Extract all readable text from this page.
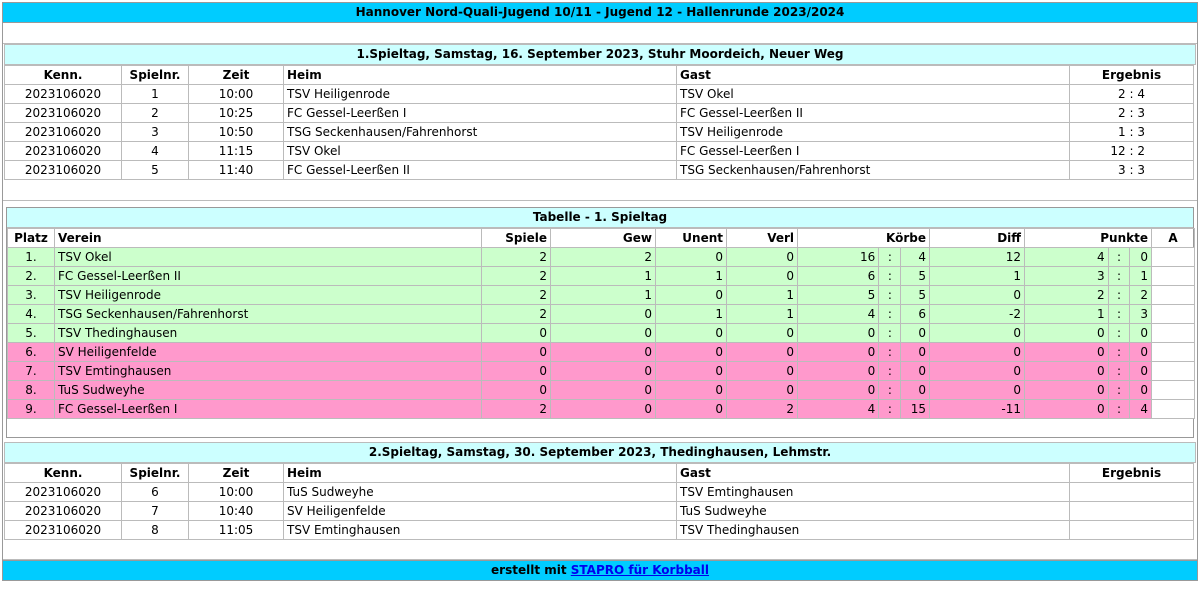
Hannover Nord-Quali-Jugend 10/11 - Jugend 12 - Hallenrunde 2023/2024
1.Spieltag, Samstag, 16. September 2023, Stuhr Moordeich, Neuer Weg
Kenn.	Spielnr.	Zeit	Heim	Gast	Ergebnis
2023106020	1	10:00	TSV Heiligenrode	TSV Okel	2 : 4
2023106020	2	10:25	FC Gessel-Leerßen I	FC Gessel-Leerßen II	2 : 3
2023106020	3	10:50	TSG Seckenhausen/Fahrenhorst	TSV Heiligenrode	1 : 3
2023106020	4	11:15	TSV Okel	FC Gessel-Leerßen I	12 : 2
2023106020	5	11:40	FC Gessel-Leerßen II	TSG Seckenhausen/Fahrenhorst	3 : 3
Tabelle - 1. Spieltag
Platz	Verein	Spiele	Gew	Unent	Verl	Körbe			Diff	Punkte			A
1.	TSV Okel	2	2	0	0	16	:	4	12	4	:	0	
2.	FC Gessel-Leerßen II	2	1	1	0	6	:	5	1	3	:	1	
3.	TSV Heiligenrode	2	1	0	1	5	:	5	0	2	:	2	
4.	TSG Seckenhausen/Fahrenhorst	2	0	1	1	4	:	6	-2	1	:	3	
5.	TSV Thedinghausen	0	0	0	0	0	:	0	0	0	:	0	
6.	SV Heiligenfelde	0	0	0	0	0	:	0	0	0	:	0	
7.	TSV Emtinghausen	0	0	0	0	0	:	0	0	0	:	0	
8.	TuS Sudweyhe	0	0	0	0	0	:	0	0	0	:	0	
9.	FC Gessel-Leerßen I	2	0	0	2	4	:	15	-11	0	:	4	
2.Spieltag, Samstag, 30. September 2023, Thedinghausen, Lehmstr.
Kenn.	Spielnr.	Zeit	Heim	Gast	Ergebnis
2023106020	6	10:00	TuS Sudweyhe	TSV Emtinghausen	
2023106020	7	10:40	SV Heiligenfelde	TuS Sudweyhe	
2023106020	8	11:05	TSV Emtinghausen	TSV Thedinghausen	
erstellt mit STAPRO für Korbball
